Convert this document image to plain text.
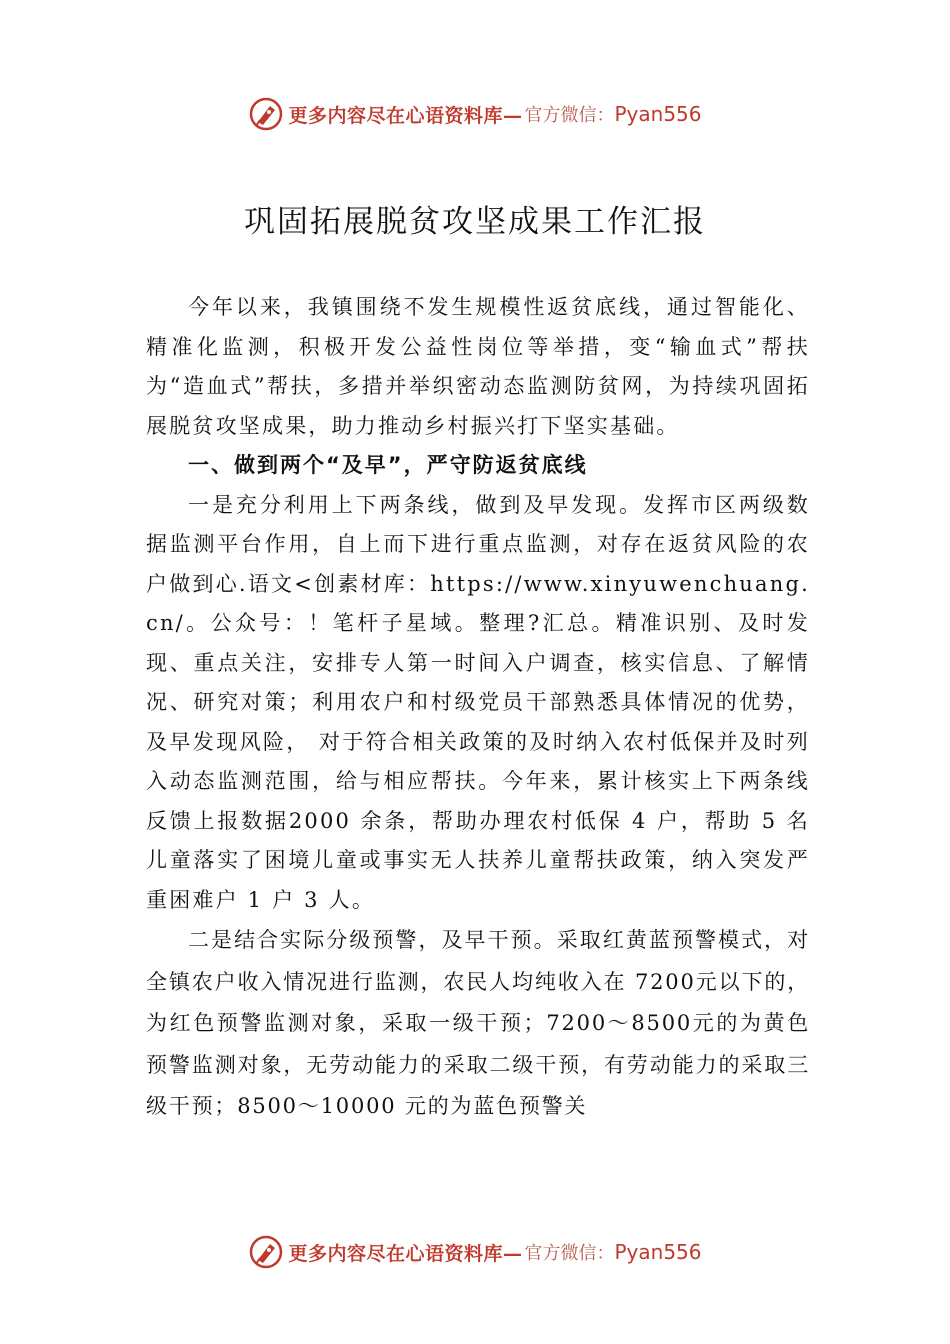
更多内容尽在心语资料库— 官方微信： Pyan556
巩固拓展脱贫攻坚成果工作汇报

今年以来，我镇围绕不发生规模性返贫底线，通过智能化、精准化监测，积极开发公益性岗位等举措，变“输血式”帮扶为“造血式”帮扶，多措并举织密动态监测防贫网，为持续巩固拓展脱贫攻坚成果，助力推动乡村振兴打下坚实基础。

一、做到两个“及早”，严守防返贫底线

一是充分利用上下两条线，做到及早发现。发挥市区两级数据监测平台作用，自上而下进行重点监测，对存在返贫风险的农户做到心.语文<创素材库：https://www.xinyuwenchuang.cn/。公众号：！笔杆子星域。整理?汇总。精准识别、及时发现、重点关注，安排专人第一时间入户调查，核实信息、了解情况、研究对策；利用农户和村级党员干部熟悉具体情况的优势，及早发现风险， 对于符合相关政策的及时纳入农村低保并及时列入动态监测范围，给与相应帮扶。今年来，累计核实上下两条线反馈上报数据2000 余条，帮助办理农村低保 4 户，帮助 5 名儿童落实了困境儿童或事实无人扶养儿童帮扶政策，纳入突发严重困难户 1 户 3 人。

二是结合实际分级预警，及早干预。采取红黄蓝预警模式，对全镇农户收入情况进行监测，农民人均纯收入在 7200元以下的，为红色预警监测对象，采取一级干预；7200～8500元的为黄色预警监测对象，无劳动能力的采取二级干预，有劳动能力的采取三级干预；8500～10000 元的为蓝色预警关

更多内容尽在心语资料库— 官方微信： Pyan556
